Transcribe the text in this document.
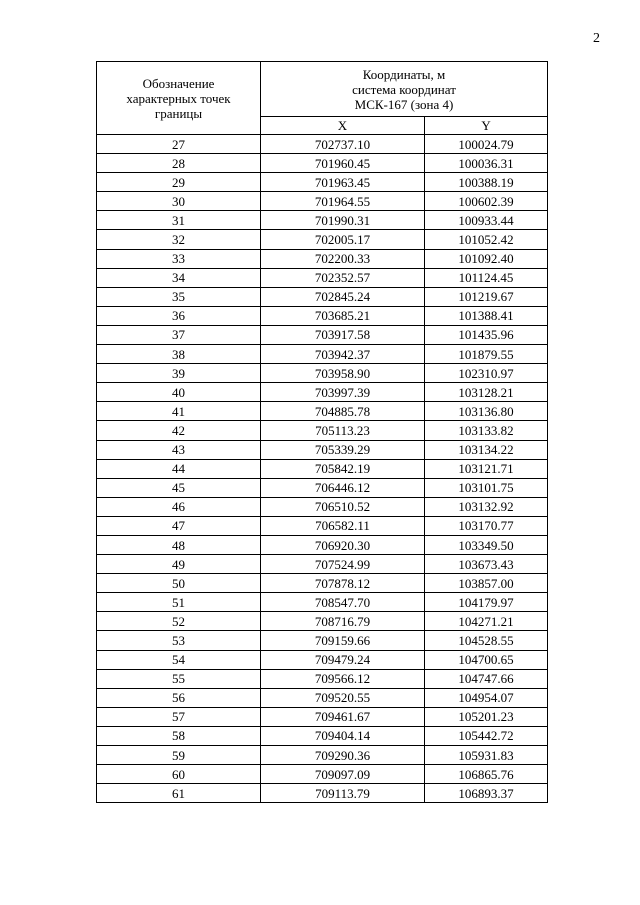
2
Обозначение
характерных точек
границы	Координаты, м
система координат
МСК-167 (зона 4)	

	X	Y
27	702737.10	100024.79
28	701960.45	100036.31
29	701963.45	100388.19
30	701964.55	100602.39
31	701990.31	100933.44
32	702005.17	101052.42
33	702200.33	101092.40
34	702352.57	101124.45
35	702845.24	101219.67
36	703685.21	101388.41
37	703917.58	101435.96
38	703942.37	101879.55
39	703958.90	102310.97
40	703997.39	103128.21
41	704885.78	103136.80
42	705113.23	103133.82
43	705339.29	103134.22
44	705842.19	103121.71
45	706446.12	103101.75
46	706510.52	103132.92
47	706582.11	103170.77
48	706920.30	103349.50
49	707524.99	103673.43
50	707878.12	103857.00
51	708547.70	104179.97
52	708716.79	104271.21
53	709159.66	104528.55
54	709479.24	104700.65
55	709566.12	104747.66
56	709520.55	104954.07
57	709461.67	105201.23
58	709404.14	105442.72
59	709290.36	105931.83
60	709097.09	106865.76
61	709113.79	106893.37
